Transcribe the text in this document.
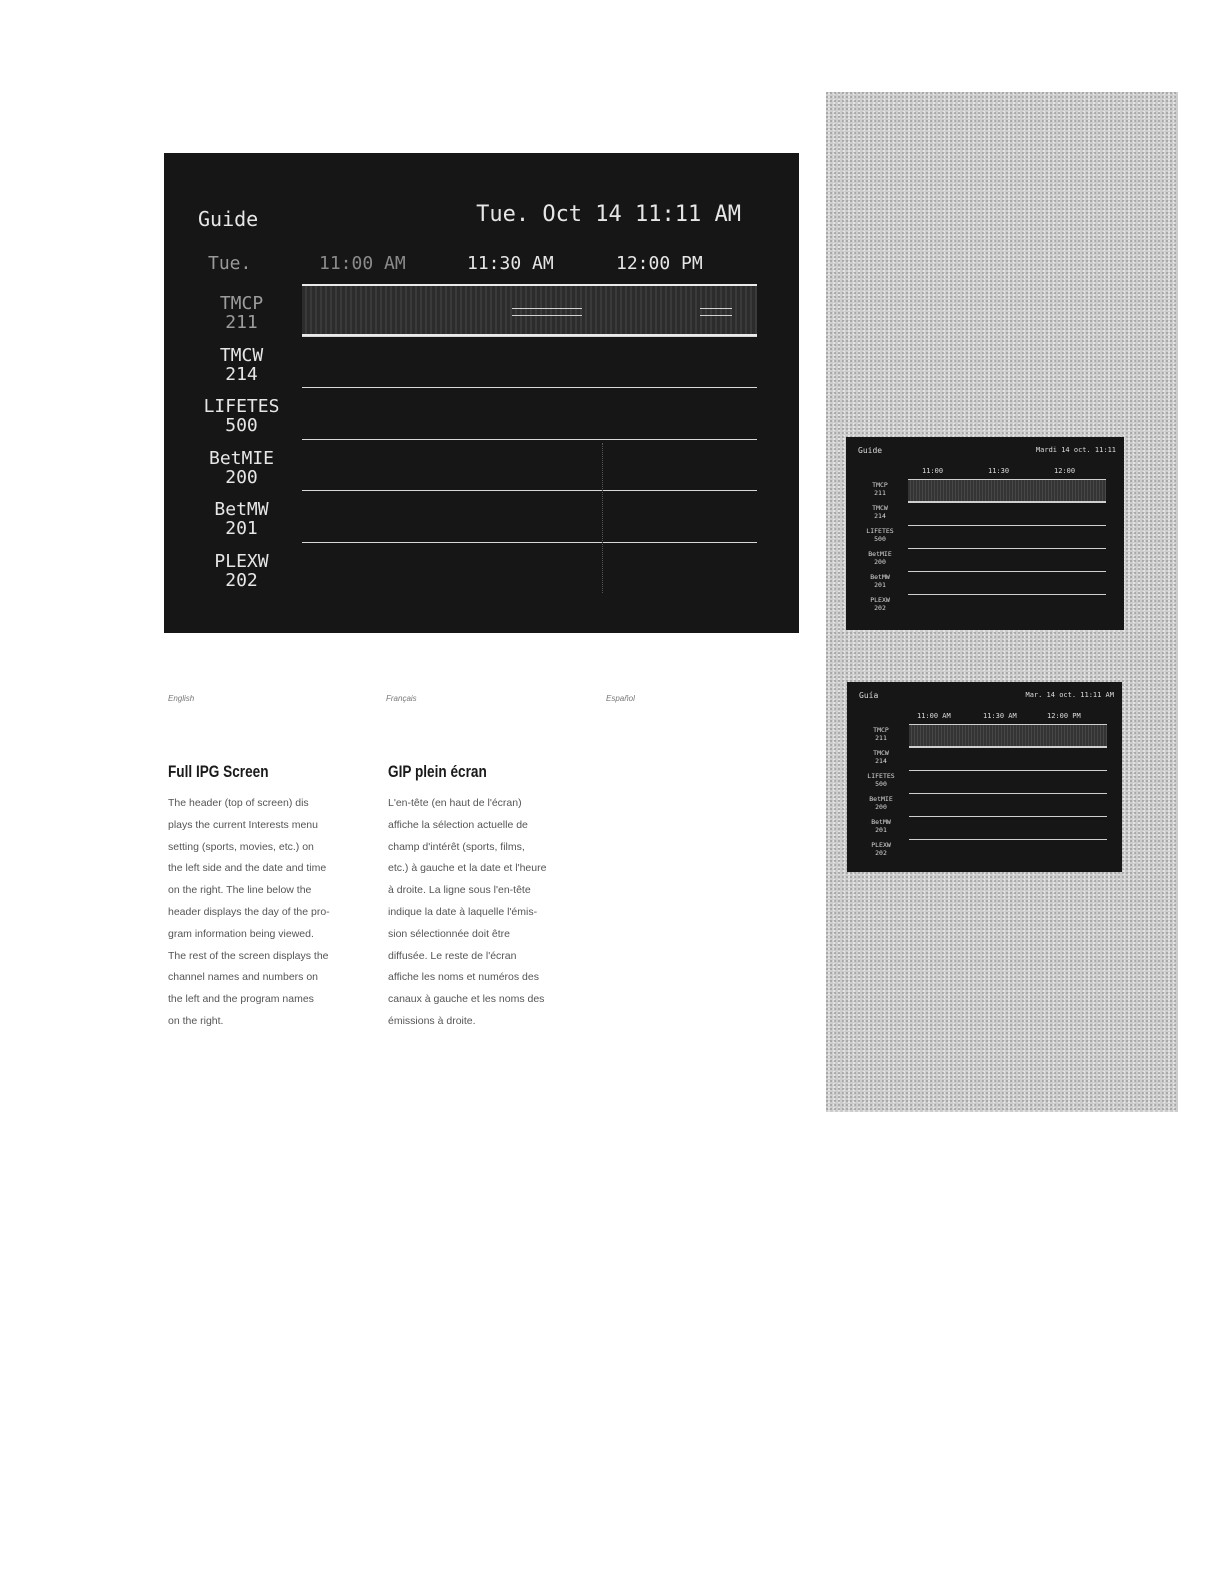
Guide	Tue. Oct 14 11:11 AM
Tue.	11:00 AM	11:30 AM	12:00 PM
TMCP
211
TMCW
214
LIFETES
500
BetMIE
200
BetMW
201
PLEXW
202
English	Français	Español
Full IPG Screen
The header (top of screen) dis
plays the current Interests menu
setting (sports, movies, etc.) on
the left side and the date and time
on the right. The line below the
header displays the day of the pro-
gram information being viewed.
The rest of the screen displays the
channel names and numbers on
the left and the program names
on the right.
GIP plein écran
L'en-tête (en haut de l'écran)
affiche la sélection actuelle de
champ d'intérêt (sports, films,
etc.) à gauche et la date et l'heure
à droite. La ligne sous l'en-tête
indique la date à laquelle l'émis-
sion sélectionnée doit être
diffusée. Le reste de l'écran
affiche les noms et numéros des
canaux à gauche et les noms des
émissions à droite.
Guide	Mardi 14 oct. 11:11
11:00	11:30	12:00
TMCP
211
TMCW
214
LIFETES
500
BetMIE
200
BetMW
201
PLEXW
202
Guía	Mar. 14 oct. 11:11 AM
11:00 AM	11:30 AM	12:00 PM
TMCP
211
TMCW
214
LIFETES
500
BetMIE
200
BetMW
201
PLEXW
202
